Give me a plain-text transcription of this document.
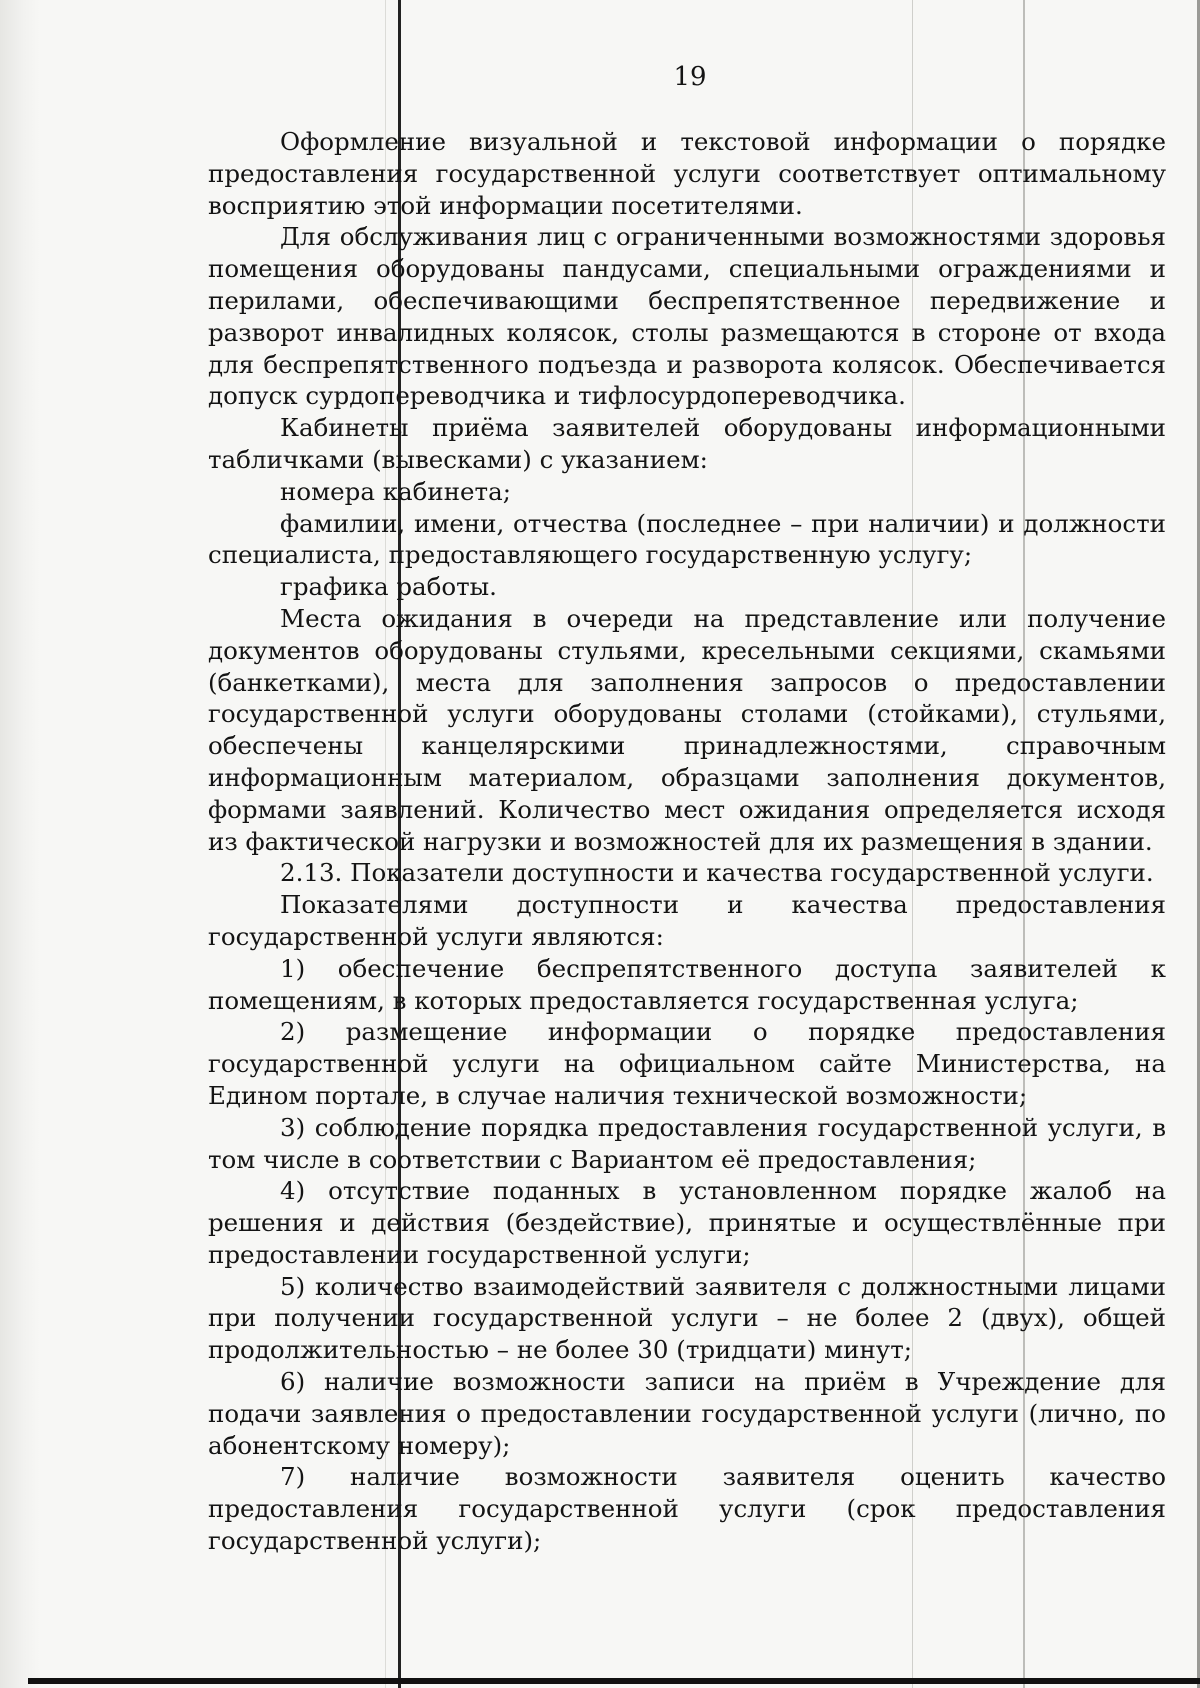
19

Оформление визуальной и текстовой информации о порядке предоставления государственной услуги соответствует оптимальному восприятию этой информации посетителями.

Для обслуживания лиц с ограниченными возможностями здоровья помещения оборудованы пандусами, специальными ограждениями и перилами, обеспечивающими беспрепятственное передвижение и разворот инвалидных колясок, столы размещаются в стороне от входа для беспрепятственного подъезда и разворота колясок. Обеспечивается допуск сурдопереводчика и тифлосурдопереводчика.

Кабинеты приёма заявителей оборудованы информационными табличками (вывесками) с указанием:

номера кабинета;

фамилии, имени, отчества (последнее – при наличии) и должности специалиста, предоставляющего государственную услугу;

графика работы.

Места ожидания в очереди на представление или получение документов оборудованы стульями, кресельными секциями, скамьями (банкетками), места для заполнения запросов о предоставлении государственной услуги оборудованы столами (стойками), стульями, обеспечены канцелярскими принадлежностями, справочным информационным материалом, образцами заполнения документов, формами заявлений. Количество мест ожидания определяется исходя из фактической нагрузки и возможностей для их размещения в здании.

2.13. Показатели доступности и качества государственной услуги.

Показателями доступности и качества предоставления государственной услуги являются:

1) обеспечение беспрепятственного доступа заявителей к помещениям, в которых предоставляется государственная услуга;

2) размещение информации о порядке предоставления государственной услуги на официальном сайте Министерства, на Едином портале, в случае наличия технической возможности;

3) соблюдение порядка предоставления государственной услуги, в том числе в соответствии с Вариантом её предоставления;

4) отсутствие поданных в установленном порядке жалоб на решения и действия (бездействие), принятые и осуществлённые при предоставлении государственной услуги;

5) количество взаимодействий заявителя с должностными лицами при получении государственной услуги – не более 2 (двух), общей продолжительностью – не более 30 (тридцати) минут;

6) наличие возможности записи на приём в Учреждение для подачи заявления о предоставлении государственной услуги (лично, по абонентскому номеру);

7) наличие возможности заявителя оценить качество предоставления государственной услуги (срок предоставления государственной услуги);
